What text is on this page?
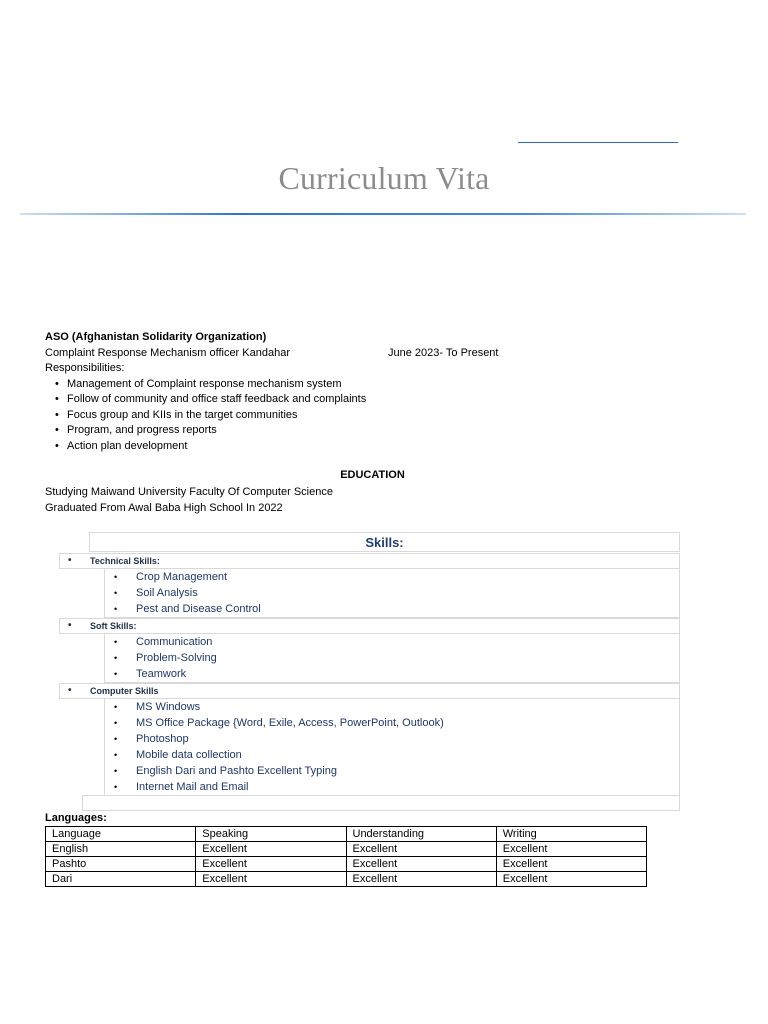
Curriculum Vita
ASO (Afghanistan Solidarity Organization)
Complaint Response Mechanism officer Kandahar	June 2023- To Present
Responsibilities:
• Management of Complaint response mechanism system
• Follow of community and office staff feedback and complaints
• Focus group and KIIs in the target communities
• Program, and progress reports
• Action plan development
EDUCATION
Studying Maiwand University Faculty Of Computer Science
Graduated From Awal Baba High School In 2022
Skills:
• Technical Skills:
• Crop Management
• Soil Analysis
• Pest and Disease Control
• Soft Skills:
• Communication
• Problem-Solving
• Teamwork
• Computer Skills
• MS Windows
• MS Office Package {Word, Exile, Access, PowerPoint, Outlook)
• Photoshop
• Mobile data collection
• English Dari and Pashto Excellent Typing
• Internet Mail and Email
Languages:
Language	Speaking	Understanding	Writing
English	Excellent	Excellent	Excellent
Pashto	Excellent	Excellent	Excellent
Dari	Excellent	Excellent	Excellent
